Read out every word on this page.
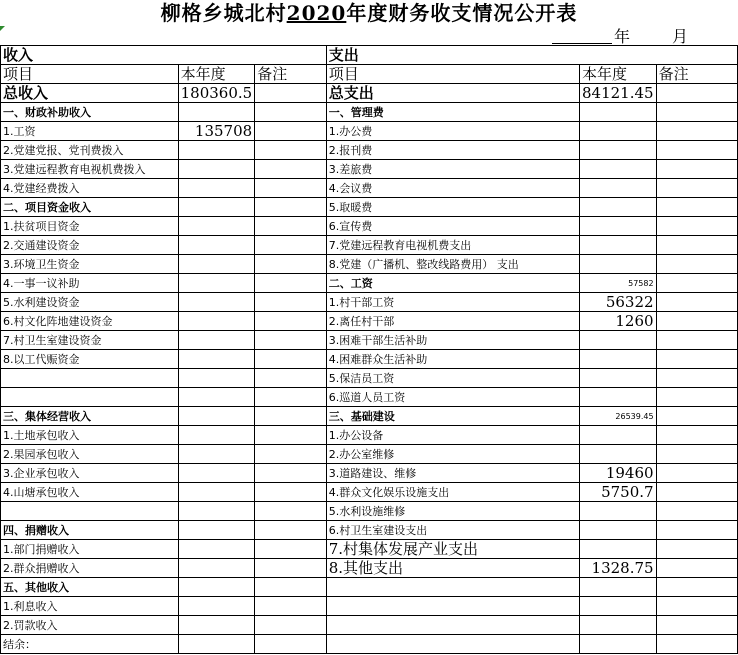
柳格乡城北村2020年度财务收支情况公开表
年	月
收入			支出		
项目	本年度	备注	项目	本年度	备注
总收入	180360.5		总支出	84121.45	
一、财政补助收入			一、管理费		
1.工资	135708		1.办公费		
2.党建党报、党刊费拨入			2.报刊费		
3.党建远程教育电视机费拨入			3.差旅费		
4.党建经费拨入			4.会议费		
二、项目资金收入			5.取暖费		
1.扶贫项目资金			6.宣传费		
2.交通建设资金			7.党建远程教育电视机费支出		
3.环境卫生资金			8.党建（广播机、整改线路费用） 支出		
4.一事一议补助			二、工资	57582	
5.水利建设资金			1.村干部工资	56322	
6.村文化阵地建设资金			2.离任村干部	1260	
7.村卫生室建设资金			3.困难干部生活补助		
8.以工代赈资金			4.困难群众生活补助		
			5.保洁员工资		
			6.巡道人员工资		
三、集体经营收入			三、基础建设	26539.45	
1.土地承包收入			1.办公设备		
2.果园承包收入			2.办公室维修		
3.企业承包收入			3.道路建设、维修	19460	
4.山塘承包收入			4.群众文化娱乐设施支出	5750.7	
			5.水利设施维修		
四、捐赠收入			6.村卫生室建设支出		
1.部门捐赠收入			7.村集体发展产业支出		
2.群众捐赠收入			8.其他支出	1328.75	
五、其他收入					
1.利息收入					
2.罚款收入					
结余：					
